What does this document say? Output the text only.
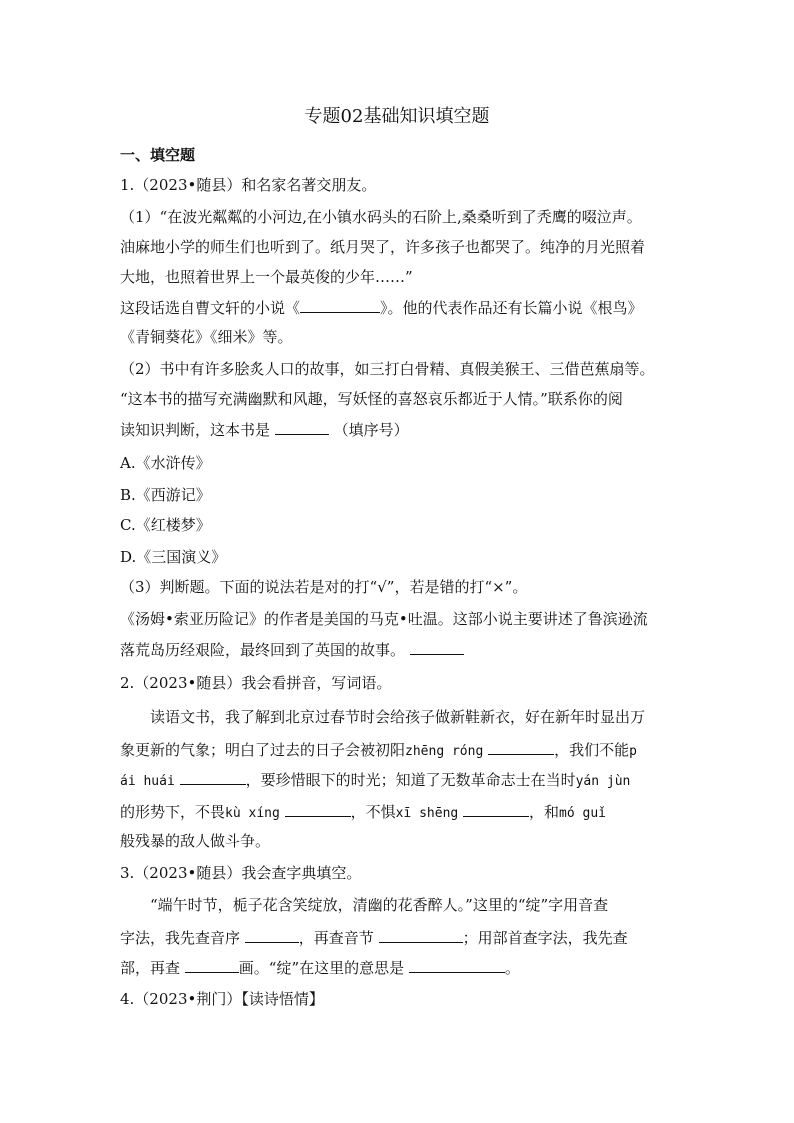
专题02基础知识填空题
一、填空题
1.（2023•随县）和名家名著交朋友。
（1）“在波光粼粼的小河边,在小镇水码头的石阶上,桑桑听到了秃鹰的啜泣声。
油麻地小学的师生们也听到了。纸月哭了，许多孩子也都哭了。纯净的月光照着
大地，也照着世界上一个最英俊的少年……”
这段话选自曹文轩的小说《	》。他的代表作品还有长篇小说《根鸟》
《青铜葵花》《细米》等。
（2）书中有许多脍炙人口的故事，如三打白骨精、真假美猴王、三借芭蕉扇等。
“这本书的描写充满幽默和风趣，写妖怪的喜怒哀乐都近于人情。”联系你的阅
读知识判断，这本书是	（填序号）
A.《水浒传》
B.《西游记》
C.《红楼梦》
D.《三国演义》
（3）判断题。下面的说法若是对的打“√”，若是错的打“×”。
《汤姆•索亚历险记》的作者是美国的马克•吐温。这部小说主要讲述了鲁滨逊流
落荒岛历经艰险，最终回到了英国的故事。
2.（2023•随县）我会看拼音，写词语。
读语文书，我了解到北京过春节时会给孩子做新鞋新衣，好在新年时显出万
象更新的气象；明白了过去的日子会被初阳zhēng róng	，我们不能p
ái huái	，要珍惜眼下的时光；知道了无数革命志士在当时yán jùn
的形势下，不畏kù xíng	，不惧xī shēng	，和mó guǐ
般残暴的敌人做斗争。
3.（2023•随县）我会查字典填空。
“端午时节，栀子花含笑绽放，清幽的花香醉人。”这里的“绽”字用音查
字法，我先查音序	，再查音节	；用部首查字法，我先查
部，再查	画。“绽”在这里的意思是	。
4.（2023•荆门）【读诗悟情】
